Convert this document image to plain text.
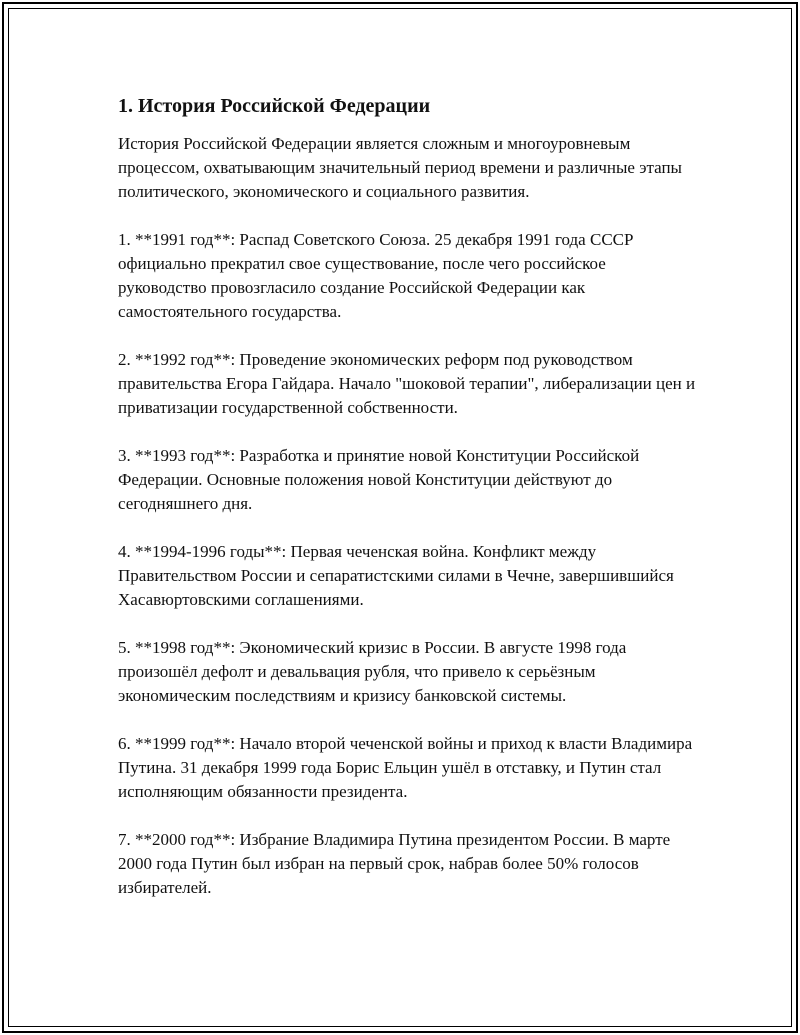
1. История Российской Федерации

История Российской Федерации является сложным и многоуровневым процессом, охватывающим значительный период времени и различные этапы политического, экономического и социального развития.

1. **1991 год**: Распад Советского Союза. 25 декабря 1991 года СССР официально прекратил свое существование, после чего российское руководство провозгласило создание Российской Федерации как самостоятельного государства.

2. **1992 год**: Проведение экономических реформ под руководством правительства Егора Гайдара. Начало "шоковой терапии", либерализации цен и приватизации государственной собственности.

3. **1993 год**: Разработка и принятие новой Конституции Российской Федерации. Основные положения новой Конституции действуют до сегодняшнего дня.

4. **1994-1996 годы**: Первая чеченская война. Конфликт между Правительством России и сепаратистскими силами в Чечне, завершившийся Хасавюртовскими соглашениями.

5. **1998 год**: Экономический кризис в России. В августе 1998 года произошёл дефолт и девальвация рубля, что привело к серьёзным экономическим последствиям и кризису банковской системы.

6. **1999 год**: Начало второй чеченской войны и приход к власти Владимира Путина. 31 декабря 1999 года Борис Ельцин ушёл в отставку, и Путин стал исполняющим обязанности президента.

7. **2000 год**: Избрание Владимира Путина президентом России. В марте 2000 года Путин был избран на первый срок, набрав более 50% голосов избирателей.
